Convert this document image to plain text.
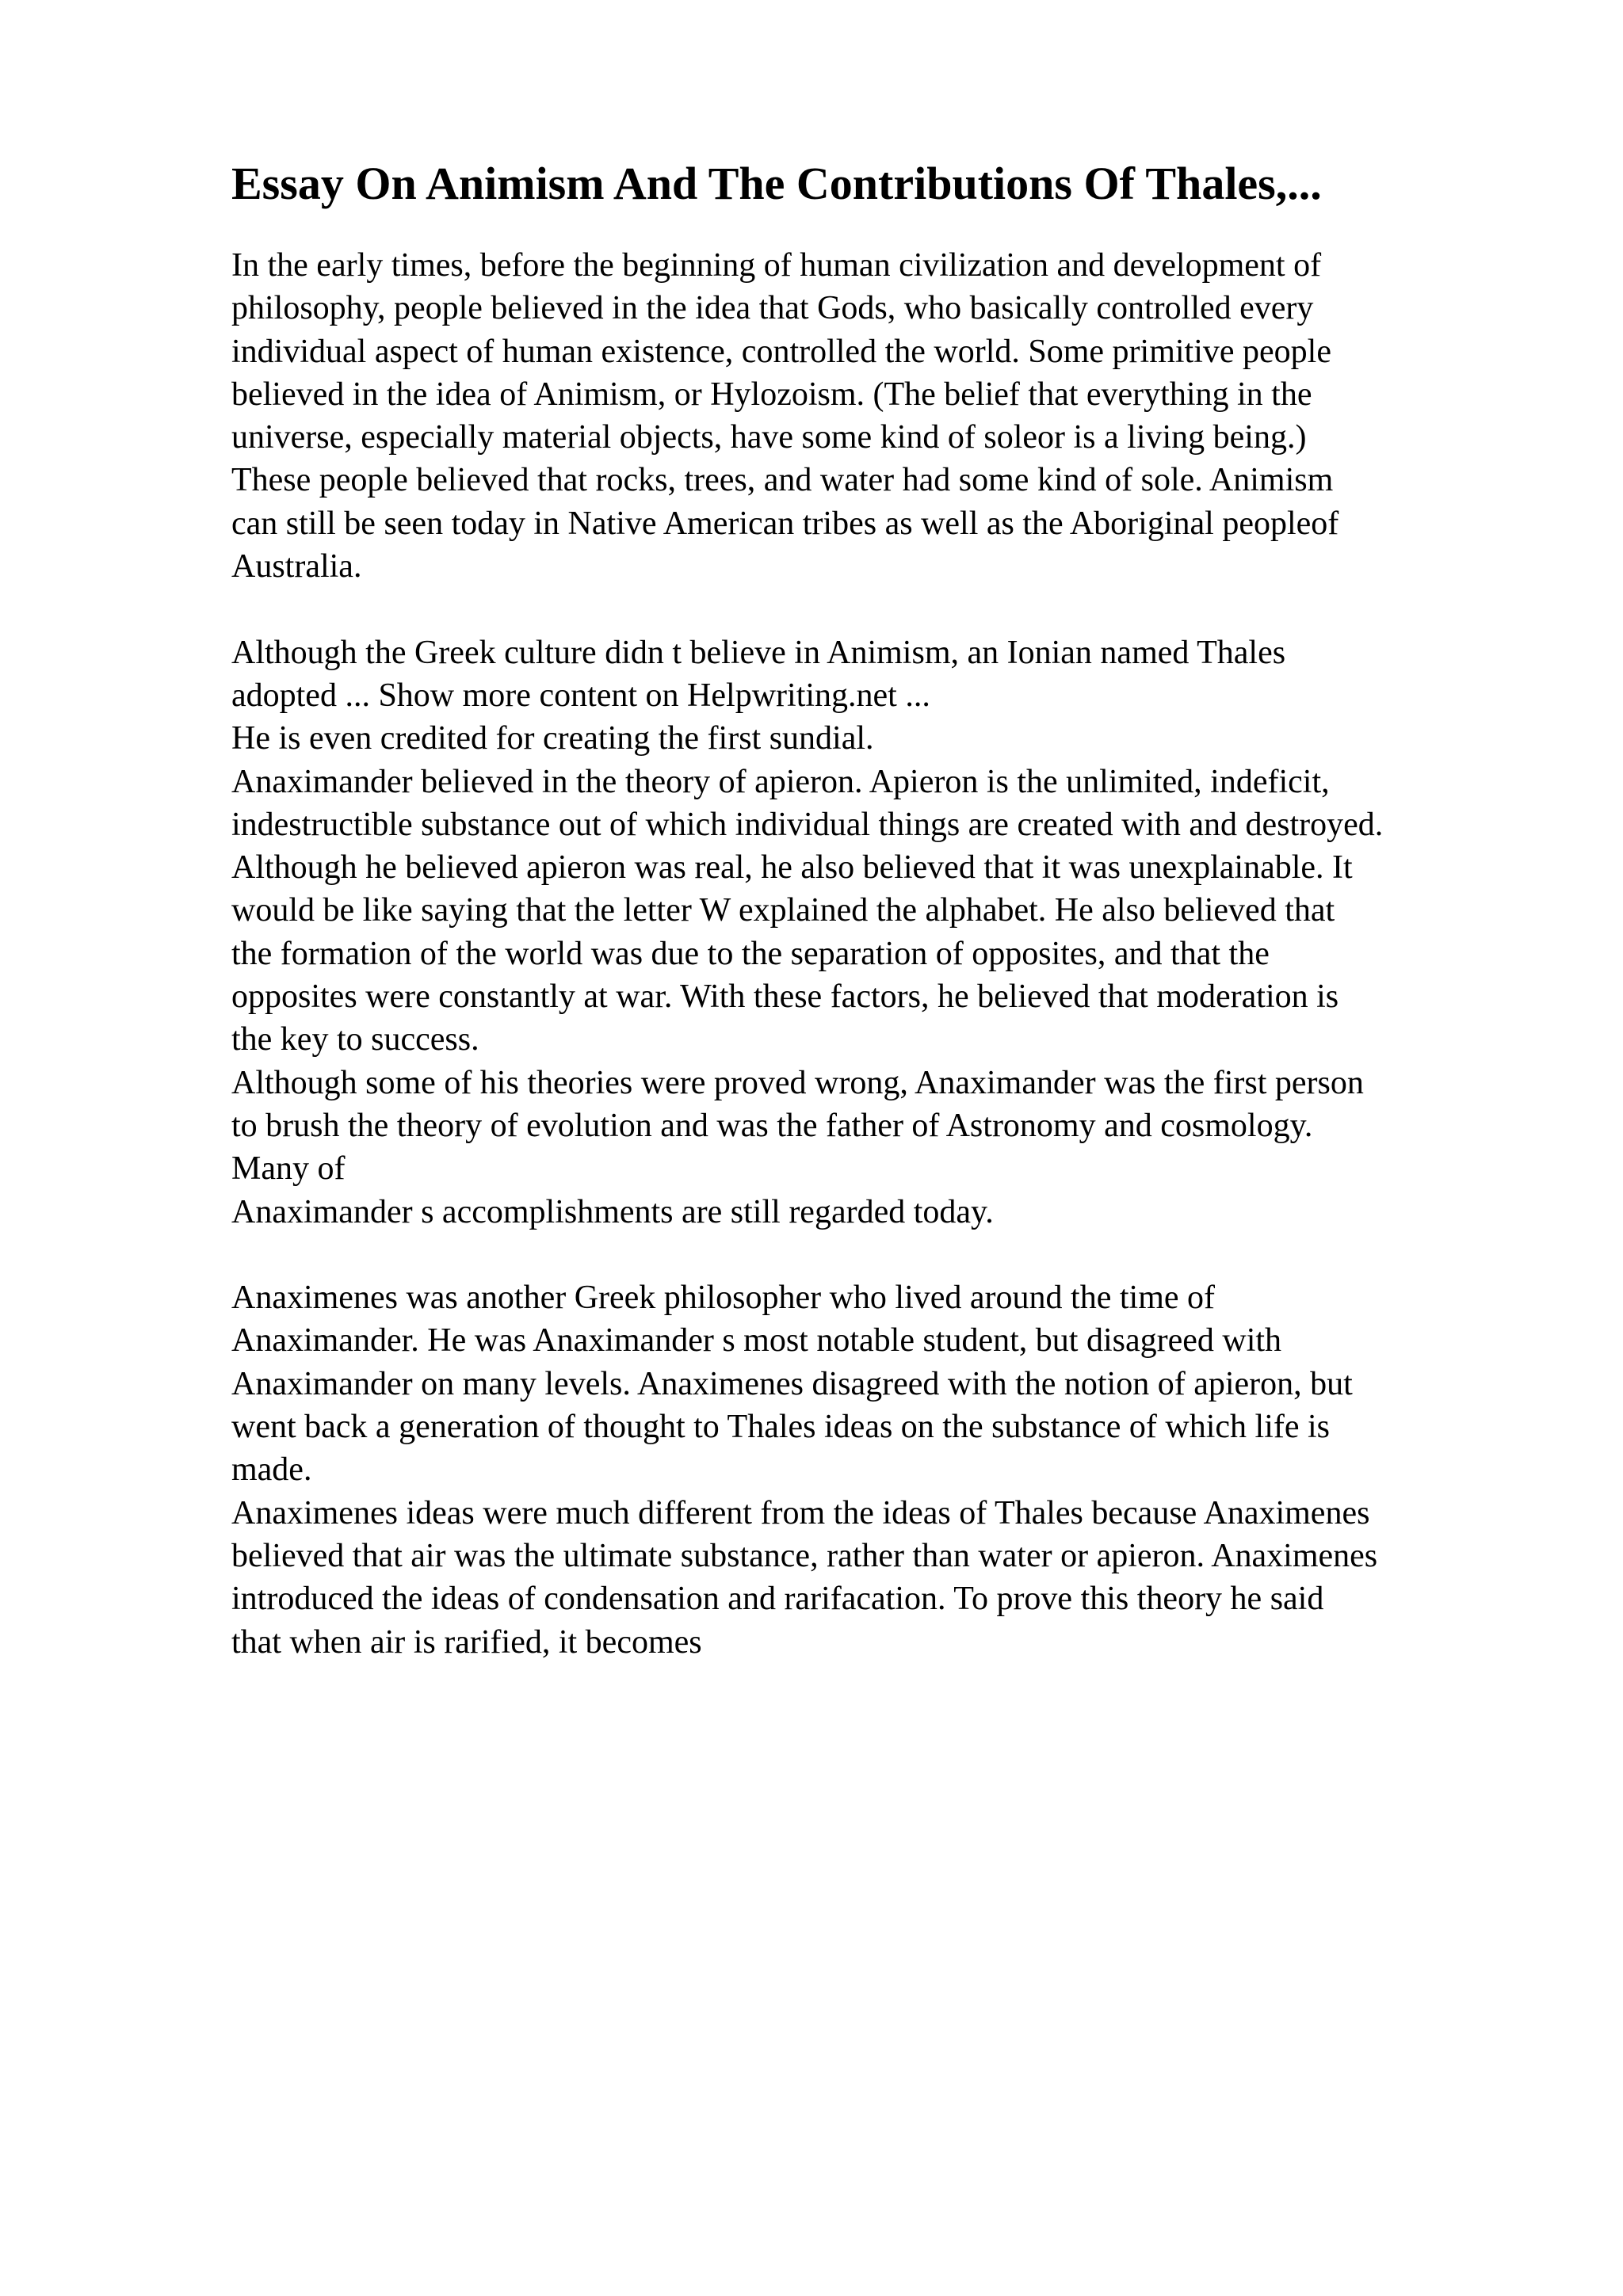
Essay On Animism And The Contributions Of Thales,...
In the early times, before the beginning of human civilization and development of
philosophy, people believed in the idea that Gods, who basically controlled every
individual aspect of human existence, controlled the world. Some primitive people
believed in the idea of Animism, or Hylozoism. (The belief that everything in the
universe, especially material objects, have some kind of soleor is a living being.)
These people believed that rocks, trees, and water had some kind of sole. Animism
can still be seen today in Native American tribes as well as the Aboriginal peopleof
Australia.
Although the Greek culture didn t believe in Animism, an Ionian named Thales
adopted ... Show more content on Helpwriting.net ...
He is even credited for creating the first sundial.
Anaximander believed in the theory of apieron. Apieron is the unlimited, indeficit,
indestructible substance out of which individual things are created with and destroyed.
Although he believed apieron was real, he also believed that it was unexplainable. It
would be like saying that the letter W explained the alphabet. He also believed that
the formation of the world was due to the separation of opposites, and that the
opposites were constantly at war. With these factors, he believed that moderation is
the key to success.
Although some of his theories were proved wrong, Anaximander was the first person
to brush the theory of evolution and was the father of Astronomy and cosmology.
Many of
Anaximander s accomplishments are still regarded today.
Anaximenes was another Greek philosopher who lived around the time of
Anaximander. He was Anaximander s most notable student, but disagreed with
Anaximander on many levels. Anaximenes disagreed with the notion of apieron, but
went back a generation of thought to Thales ideas on the substance of which life is
made.
Anaximenes ideas were much different from the ideas of Thales because Anaximenes
believed that air was the ultimate substance, rather than water or apieron. Anaximenes
introduced the ideas of condensation and rarifacation. To prove this theory he said
that when air is rarified, it becomes
